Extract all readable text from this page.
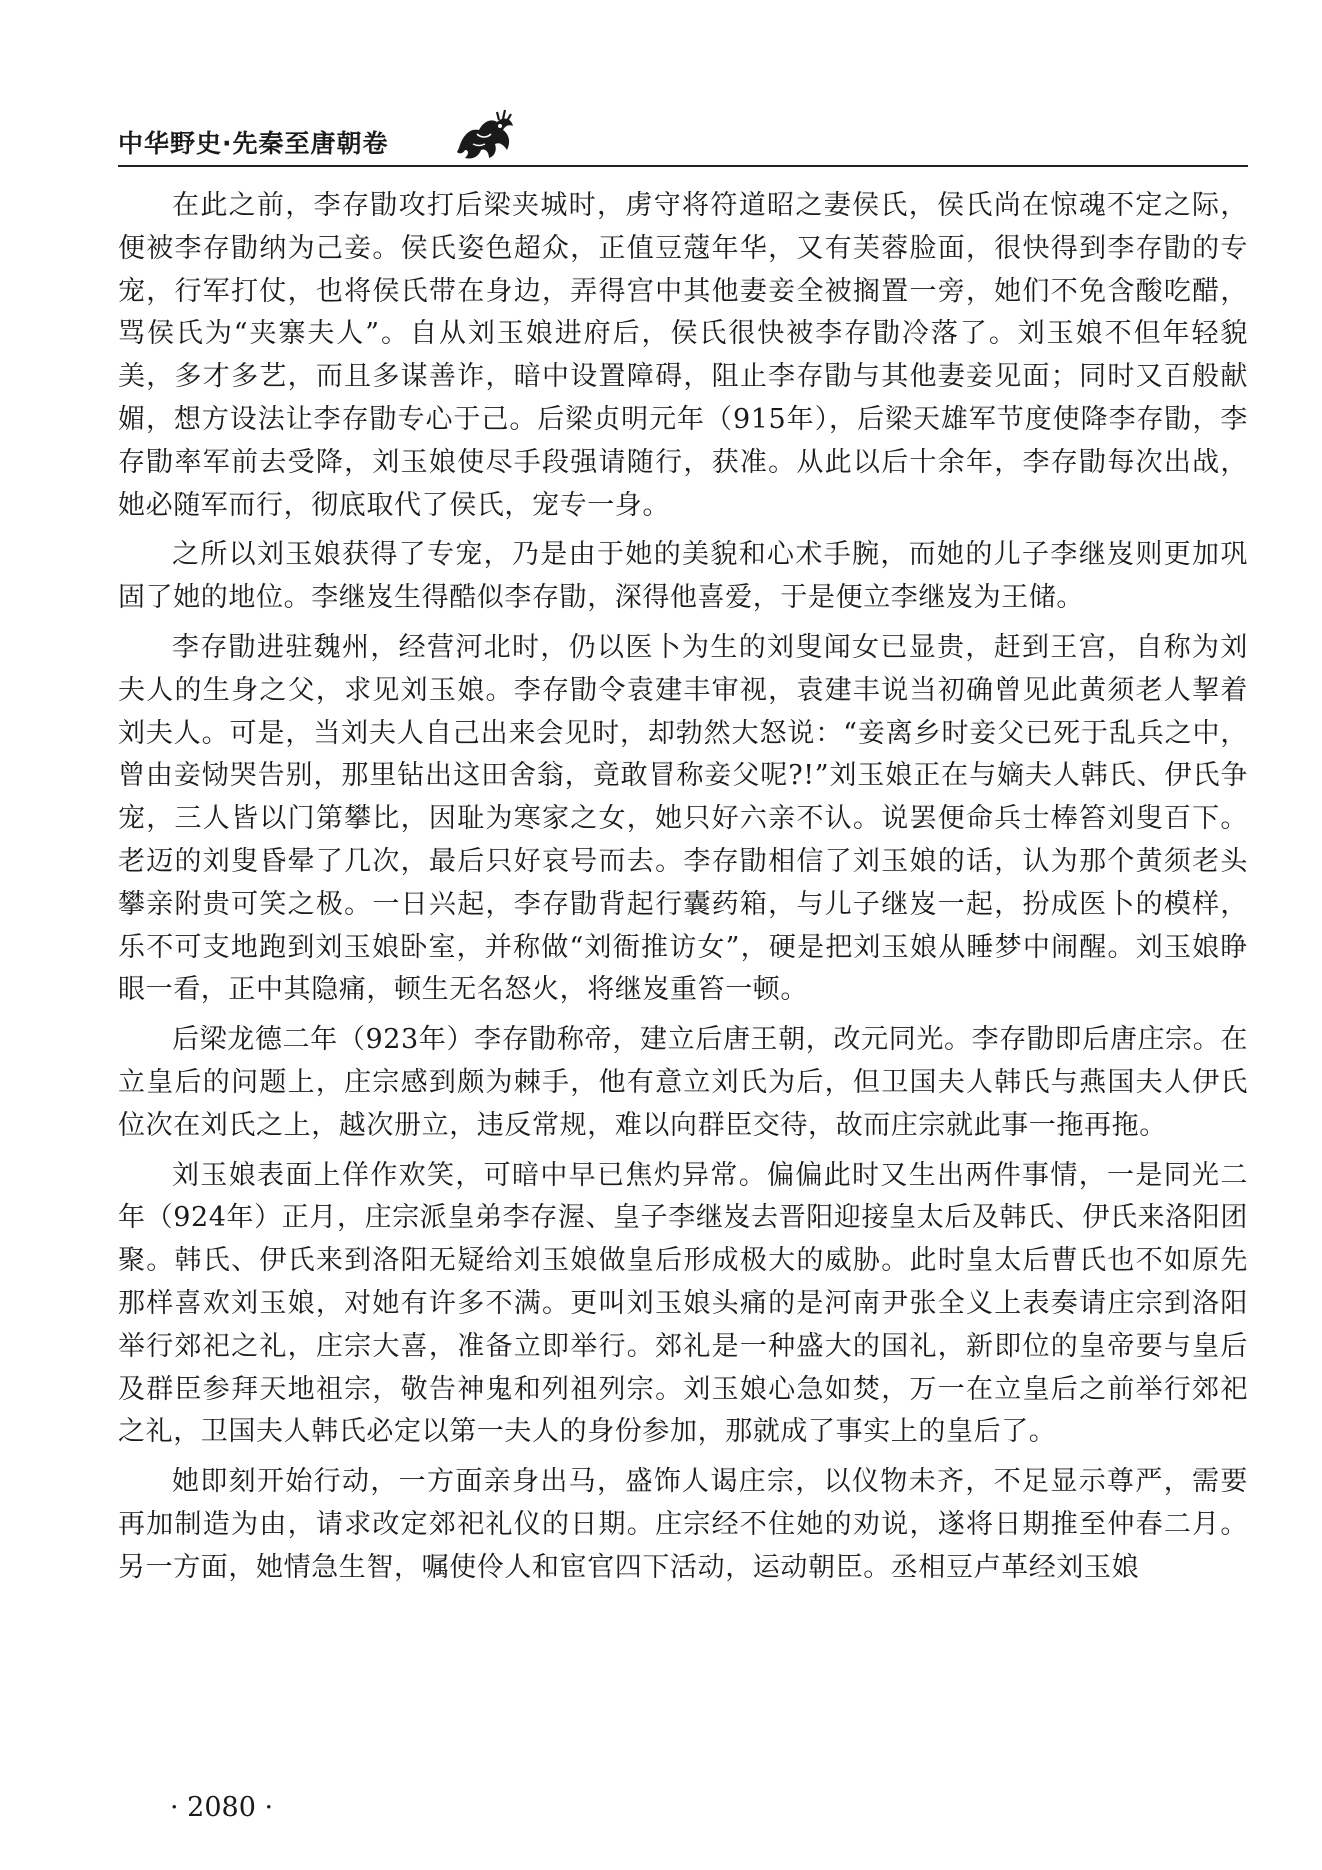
中华野史·先秦至唐朝卷

在此之前，李存勖攻打后梁夹城时，虏守将符道昭之妻侯氏，侯氏尚在惊魂不定之际，便被李存勖纳为己妾。侯氏姿色超众，正值豆蔻年华，又有芙蓉脸面，很快得到李存勖的专宠，行军打仗，也将侯氏带在身边，弄得宫中其他妻妾全被搁置一旁，她们不免含酸吃醋，骂侯氏为“夹寨夫人”。自从刘玉娘进府后，侯氏很快被李存勖冷落了。刘玉娘不但年轻貌美，多才多艺，而且多谋善诈，暗中设置障碍，阻止李存勖与其他妻妾见面；同时又百般献媚，想方设法让李存勖专心于己。后梁贞明元年（915年），后梁天雄军节度使降李存勖，李存勖率军前去受降，刘玉娘使尽手段强请随行，获准。从此以后十余年，李存勖每次出战，她必随军而行，彻底取代了侯氏，宠专一身。

之所以刘玉娘获得了专宠，乃是由于她的美貌和心术手腕，而她的儿子李继岌则更加巩固了她的地位。李继岌生得酷似李存勖，深得他喜爱，于是便立李继岌为王储。

李存勖进驻魏州，经营河北时，仍以医卜为生的刘叟闻女已显贵，赶到王宫，自称为刘夫人的生身之父，求见刘玉娘。李存勖令袁建丰审视，袁建丰说当初确曾见此黄须老人挈着刘夫人。可是，当刘夫人自己出来会见时，却勃然大怒说：“妾离乡时妾父已死于乱兵之中，曾由妾恸哭告别，那里钻出这田舍翁，竟敢冒称妾父呢?!”刘玉娘正在与嫡夫人韩氏、伊氏争宠，三人皆以门第攀比，因耻为寒家之女，她只好六亲不认。说罢便命兵士棒笞刘叟百下。老迈的刘叟昏晕了几次，最后只好哀号而去。李存勖相信了刘玉娘的话，认为那个黄须老头攀亲附贵可笑之极。一日兴起，李存勖背起行囊药箱，与儿子继岌一起，扮成医卜的模样，乐不可支地跑到刘玉娘卧室，并称做“刘衙推访女”，硬是把刘玉娘从睡梦中闹醒。刘玉娘睁眼一看，正中其隐痛，顿生无名怒火，将继岌重笞一顿。

后梁龙德二年（923年）李存勖称帝，建立后唐王朝，改元同光。李存勖即后唐庄宗。在立皇后的问题上，庄宗感到颇为棘手，他有意立刘氏为后，但卫国夫人韩氏与燕国夫人伊氏位次在刘氏之上，越次册立，违反常规，难以向群臣交待，故而庄宗就此事一拖再拖。

刘玉娘表面上佯作欢笑，可暗中早已焦灼异常。偏偏此时又生出两件事情，一是同光二年（924年）正月，庄宗派皇弟李存渥、皇子李继岌去晋阳迎接皇太后及韩氏、伊氏来洛阳团聚。韩氏、伊氏来到洛阳无疑给刘玉娘做皇后形成极大的威胁。此时皇太后曹氏也不如原先那样喜欢刘玉娘，对她有许多不满。更叫刘玉娘头痛的是河南尹张全义上表奏请庄宗到洛阳举行郊祀之礼，庄宗大喜，准备立即举行。郊礼是一种盛大的国礼，新即位的皇帝要与皇后及群臣参拜天地祖宗，敬告神鬼和列祖列宗。刘玉娘心急如焚，万一在立皇后之前举行郊祀之礼，卫国夫人韩氏必定以第一夫人的身份参加，那就成了事实上的皇后了。

她即刻开始行动，一方面亲身出马，盛饰人谒庄宗，以仪物未齐，不足显示尊严，需要再加制造为由，请求改定郊祀礼仪的日期。庄宗经不住她的劝说，遂将日期推至仲春二月。另一方面，她情急生智，嘱使伶人和宦官四下活动，运动朝臣。丞相豆卢革经刘玉娘

· 2080 ·
